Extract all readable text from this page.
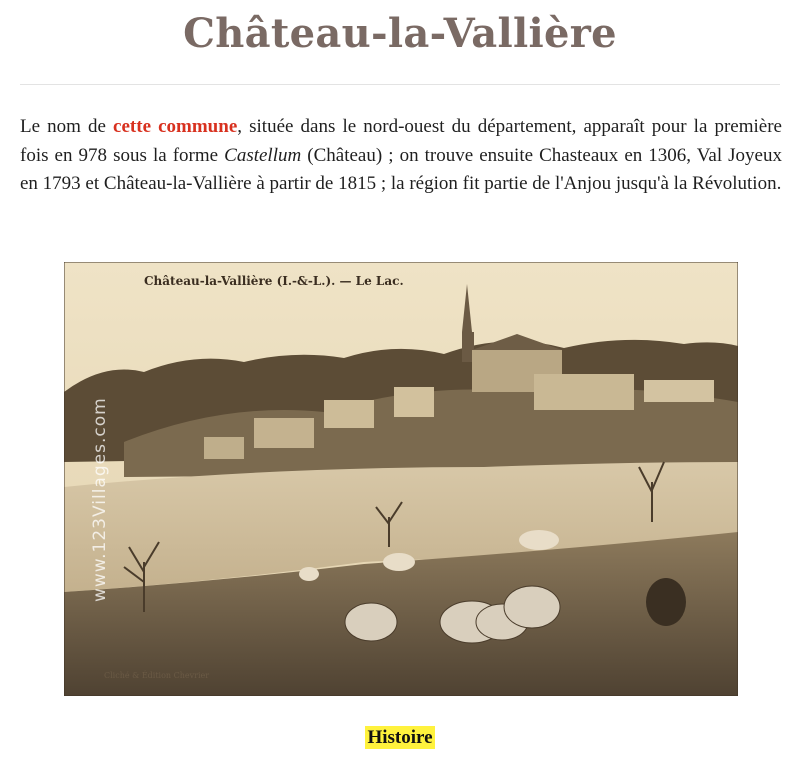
Château-la-Vallière

Le nom de cette commune, située dans le nord-ouest du département, apparaît pour la première fois en 978 sous la forme Castellum (Château) ; on trouve ensuite Chasteaux en 1306, Val Joyeux en 1793 et Château-la-Vallière à partir de 1815 ; la région fit partie de l'Anjou jusqu'à la Révolution.

Château-la-Vallière (I.-&-L.). — Le Lac.
Cliché & Édition Chevrier
www.123Villages.com
Histoire
